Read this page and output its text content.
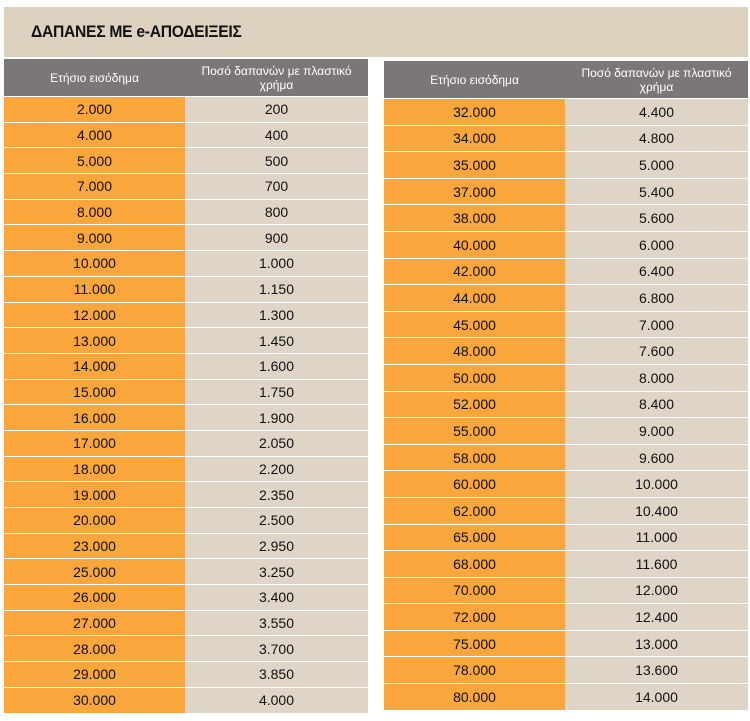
ΔΑΠΑΝΕΣ ΜΕ e-ΑΠΟΔΕΙΞΕΙΣ
Ετήσιο εισόδημα	Ποσό δαπανών με πλαστικό χρήμα
2.000	200
4.000	400
5.000	500
7.000	700
8.000	800
9.000	900
10.000	1.000
11.000	1.150
12.000	1.300
13.000	1.450
14.000	1.600
15.000	1.750
16.000	1.900
17.000	2.050
18.000	2.200
19.000	2.350
20.000	2.500
23.000	2.950
25.000	3.250
26.000	3.400
27.000	3.550
28.000	3.700
29.000	3.850
30.000	4.000
Ετήσιο εισόδημα	Ποσό δαπανών με πλαστικό χρήμα
32.000	4.400
34.000	4.800
35.000	5.000
37.000	5.400
38.000	5.600
40.000	6.000
42.000	6.400
44.000	6.800
45.000	7.000
48.000	7.600
50.000	8.000
52.000	8.400
55.000	9.000
58.000	9.600
60.000	10.000
62.000	10.400
65.000	11.000
68.000	11.600
70.000	12.000
72.000	12.400
75.000	13.000
78.000	13.600
80.000	14.000
